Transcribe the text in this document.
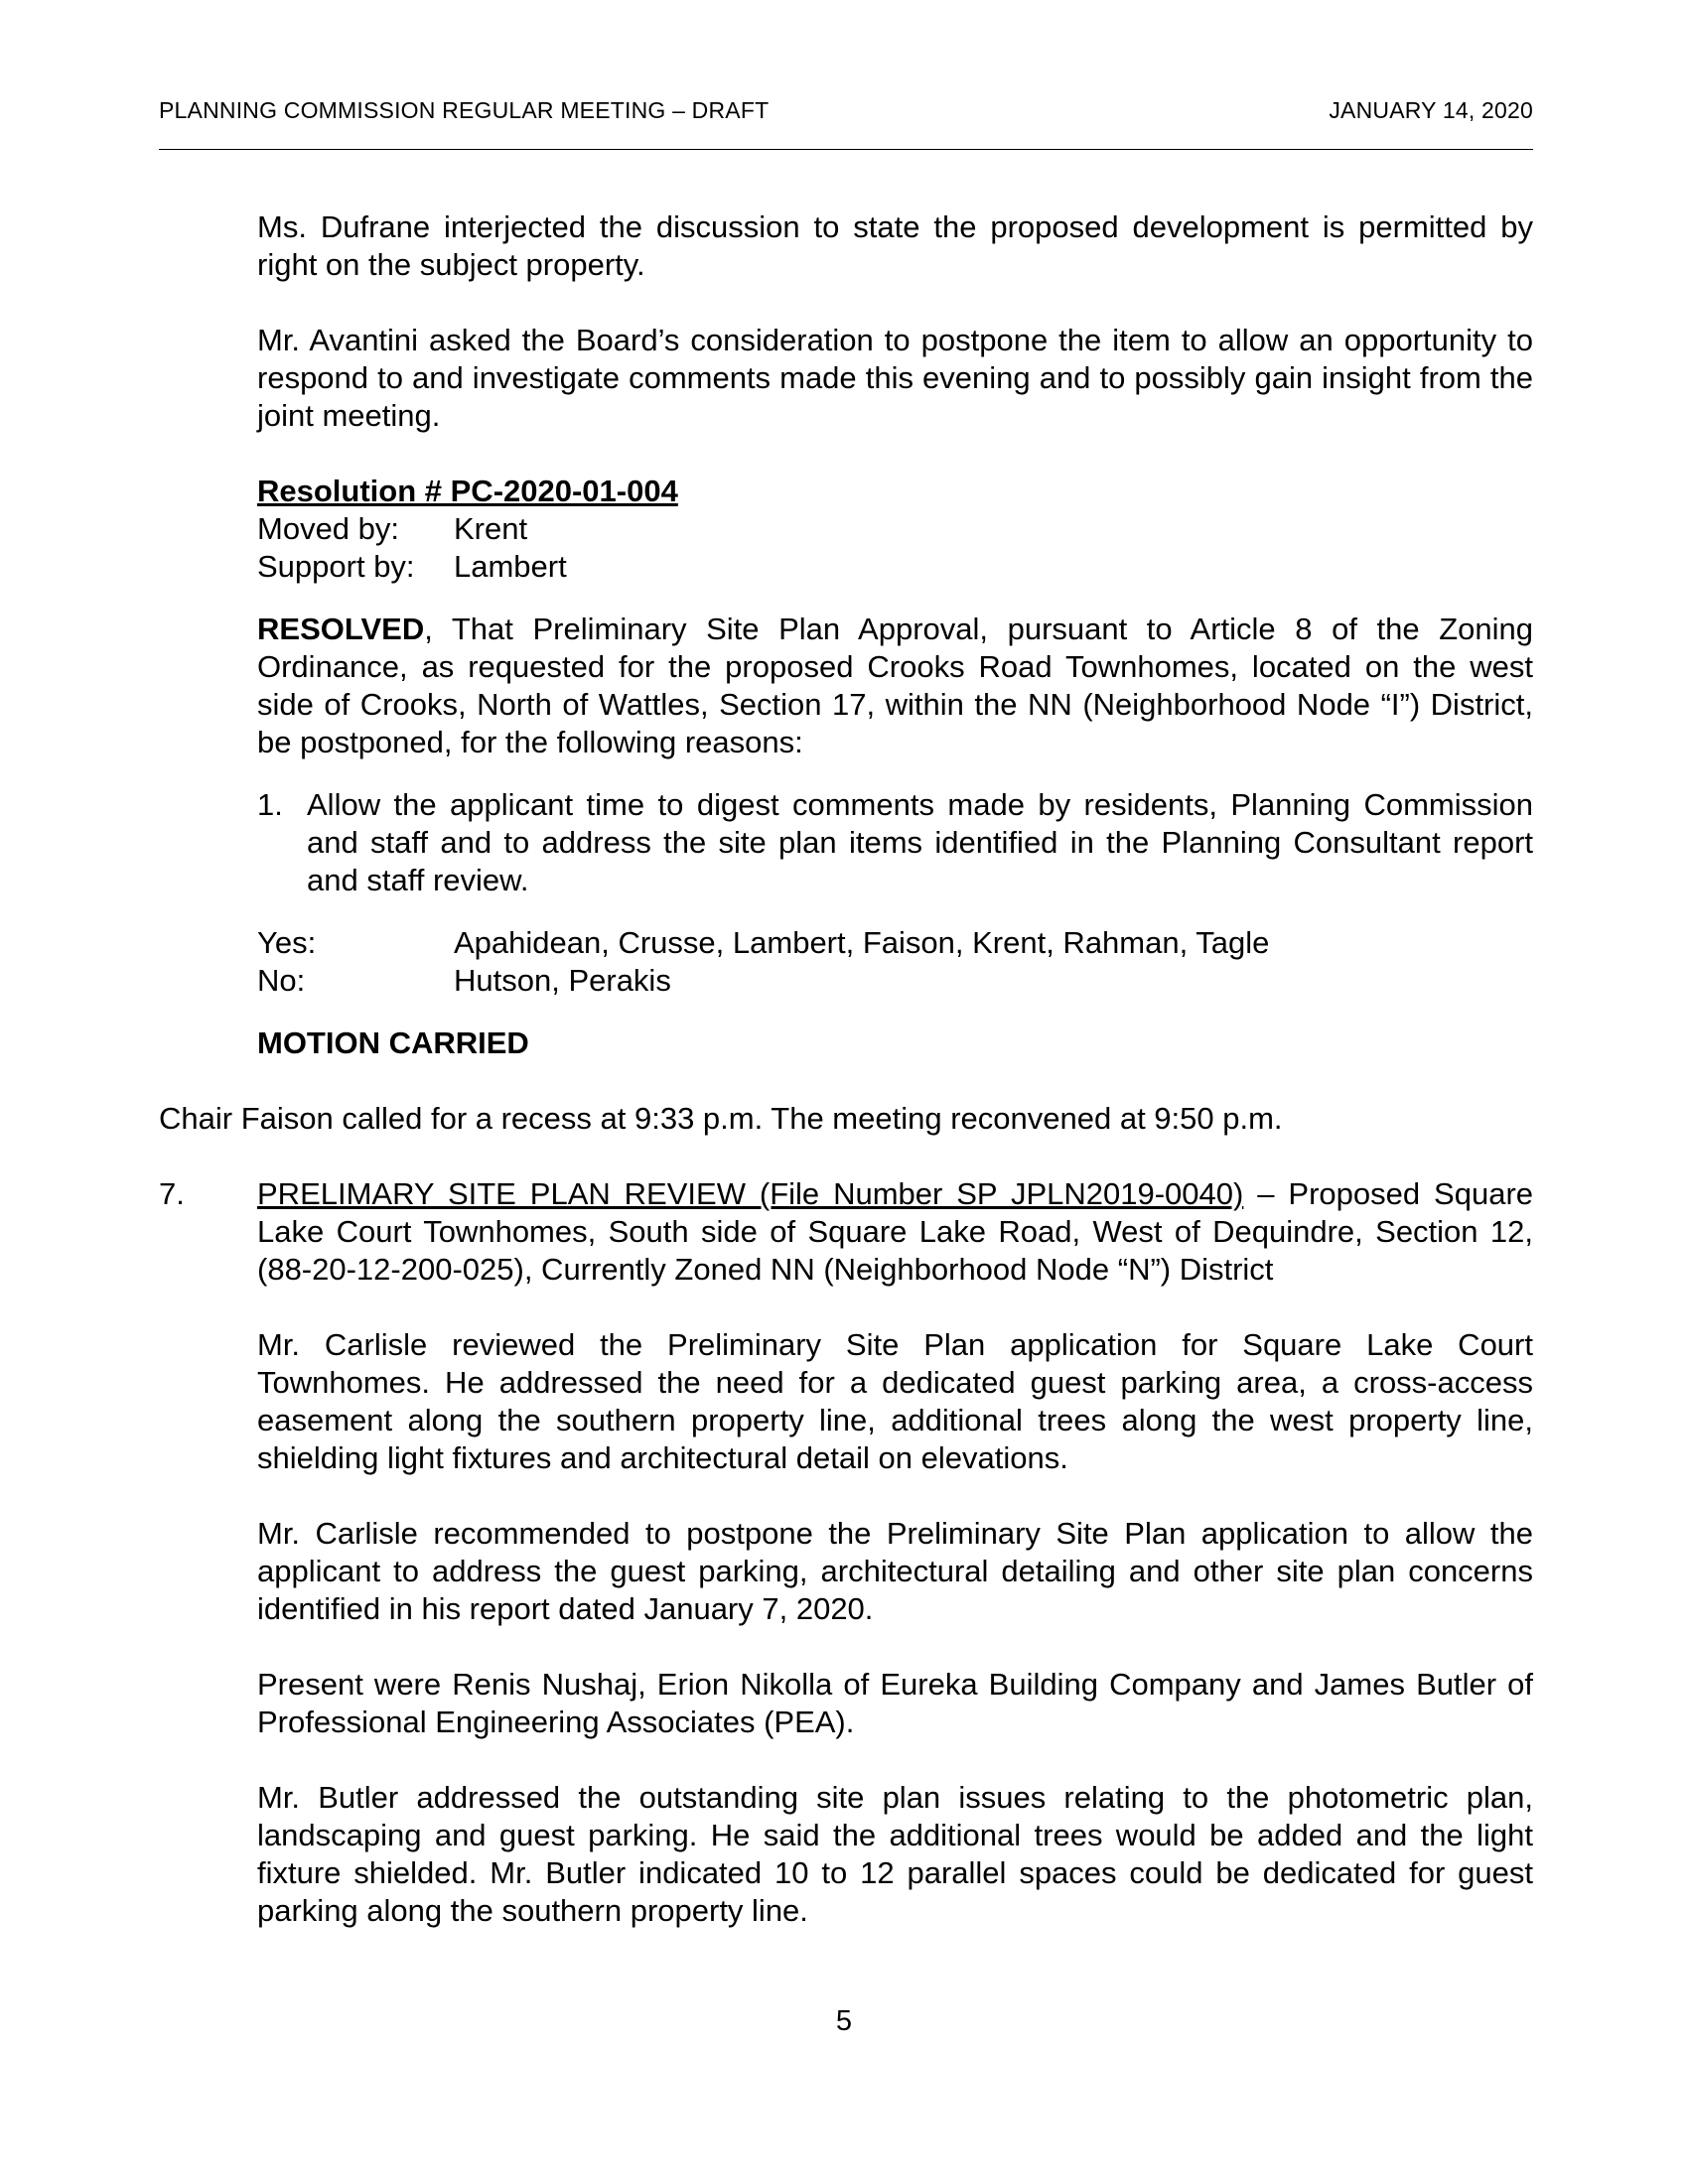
PLANNING COMMISSION REGULAR MEETING – DRAFT	JANUARY 14, 2020

Ms. Dufrane interjected the discussion to state the proposed development is permitted by right on the subject property.

Mr. Avantini asked the Board’s consideration to postpone the item to allow an opportunity to respond to and investigate comments made this evening and to possibly gain insight from the joint meeting.

Resolution # PC-2020-01-004
Moved by:	Krent
Support by:	Lambert

RESOLVED, That Preliminary Site Plan Approval, pursuant to Article 8 of the Zoning Ordinance, as requested for the proposed Crooks Road Townhomes, located on the west side of Crooks, North of Wattles, Section 17, within the NN (Neighborhood Node “I”) District, be postponed, for the following reasons:

1. Allow the applicant time to digest comments made by residents, Planning Commission and staff and to address the site plan items identified in the Planning Consultant report and staff review.
Yes:	Apahidean, Crusse, Lambert, Faison, Krent, Rahman, Tagle
No:	Hutson, Perakis
MOTION CARRIED

Chair Faison called for a recess at 9:33 p.m. The meeting reconvened at 9:50 p.m.

7.	PRELIMARY SITE PLAN REVIEW (File Number SP JPLN2019-0040) – Proposed Square Lake Court Townhomes, South side of Square Lake Road, West of Dequindre, Section 12, (88-20-12-200-025), Currently Zoned NN (Neighborhood Node “N”) District

Mr. Carlisle reviewed the Preliminary Site Plan application for Square Lake Court Townhomes. He addressed the need for a dedicated guest parking area, a cross-access easement along the southern property line, additional trees along the west property line, shielding light fixtures and architectural detail on elevations.

Mr. Carlisle recommended to postpone the Preliminary Site Plan application to allow the applicant to address the guest parking, architectural detailing and other site plan concerns identified in his report dated January 7, 2020.

Present were Renis Nushaj, Erion Nikolla of Eureka Building Company and James Butler of Professional Engineering Associates (PEA).

Mr. Butler addressed the outstanding site plan issues relating to the photometric plan, landscaping and guest parking. He said the additional trees would be added and the light fixture shielded. Mr. Butler indicated 10 to 12 parallel spaces could be dedicated for guest parking along the southern property line.

5
